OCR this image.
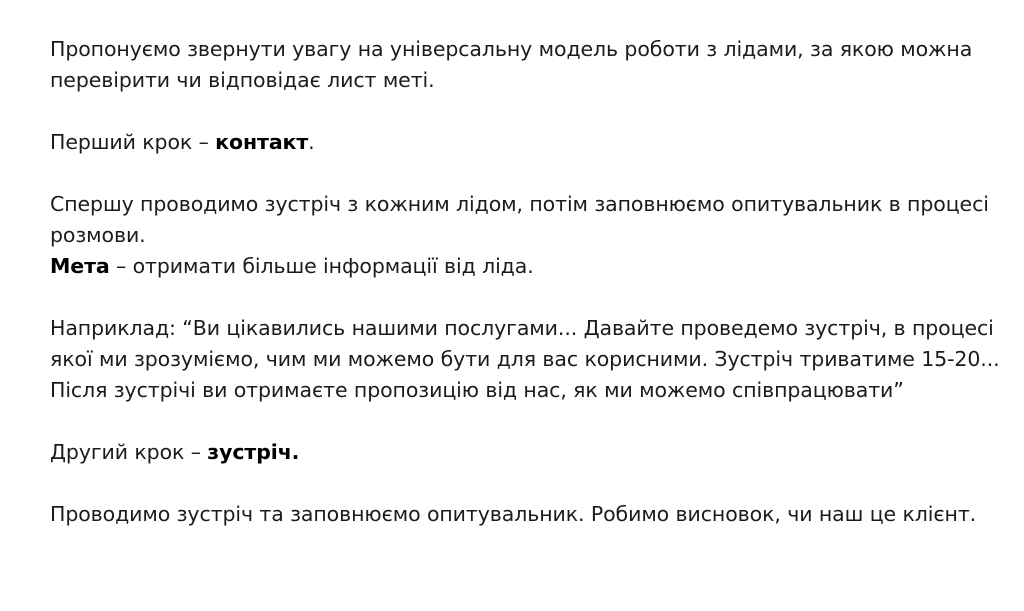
Пропонуємо звернути увагу на універсальну модель роботи з лідами, за якою можна перевірити чи відповідає лист меті.

Перший крок – контакт.

Спершу проводимо зустріч з кожним лідом, потім заповнюємо опитувальник в процесі розмови.

Мета – отримати більше інформації від ліда.

Наприклад: “Ви цікавились нашими послугами... Давайте проведемо зустріч, в процесі якої ми зрозуміємо, чим ми можемо бути для вас корисними. Зустріч триватиме 15-20... Після зустрічі ви отримаєте пропозицію від нас, як ми можемо співпрацювати”

Другий крок – зустріч.

Проводимо зустріч та заповнюємо опитувальник. Робимо висновок, чи наш це клієнт.
